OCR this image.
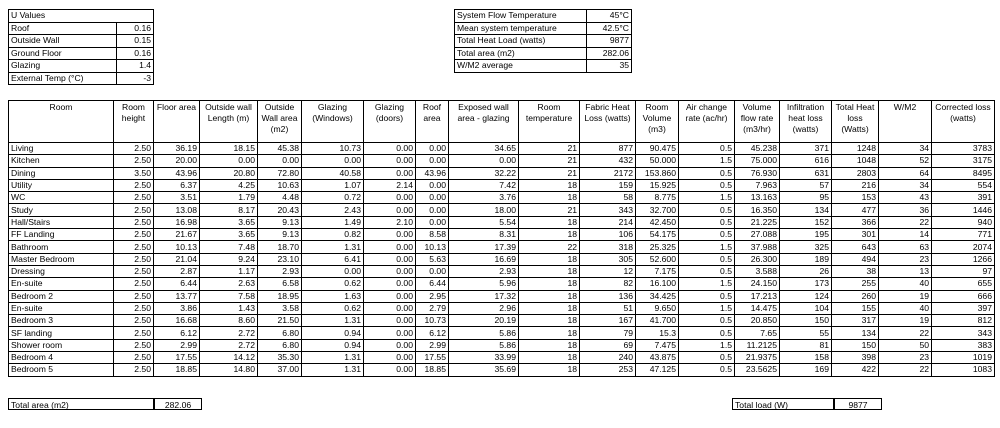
U Values	
Roof	0.16
Outside Wall	0.15
Ground Floor	0.16
Glazing	1.4
External Temp (°C)	-3
System Flow Temperature	45°C
Mean system temperature	42.5°C
Total Heat Load (watts)	9877
Total area (m2)	282.06
W/M2 average	35
Room	Room height	Floor area	Outside wall Length (m)	Outside Wall area (m2)	Glazing (Windows)	Glazing (doors)	Roof area	Exposed wall area - glazing	Room temperature	Fabric Heat Loss (watts)	Room Volume (m3)	Air change rate (ac/hr)	Volume flow rate (m3/hr)	Infiltration heat loss (watts)	Total Heat loss (Watts)	W/M2	Corrected loss (watts)
Living	2.50	36.19	18.15	45.38	10.73	0.00	0.00	34.65	21	877	90.475	0.5	45.238	371	1248	34	3783
Kitchen	2.50	20.00	0.00	0.00	0.00	0.00	0.00	0.00	21	432	50.000	1.5	75.000	616	1048	52	3175
Dining	3.50	43.96	20.80	72.80	40.58	0.00	43.96	32.22	21	2172	153.860	0.5	76.930	631	2803	64	8495
Utility	2.50	6.37	4.25	10.63	1.07	2.14	0.00	7.42	18	159	15.925	0.5	7.963	57	216	34	554
WC	2.50	3.51	1.79	4.48	0.72	0.00	0.00	3.76	18	58	8.775	1.5	13.163	95	153	43	391
Study	2.50	13.08	8.17	20.43	2.43	0.00	0.00	18.00	21	343	32.700	0.5	16.350	134	477	36	1446
Hall/Stairs	2.50	16.98	3.65	9.13	1.49	2.10	0.00	5.54	18	214	42.450	0.5	21.225	152	366	22	940
FF Landing	2.50	21.67	3.65	9.13	0.82	0.00	8.58	8.31	18	106	54.175	0.5	27.088	195	301	14	771
Bathroom	2.50	10.13	7.48	18.70	1.31	0.00	10.13	17.39	22	318	25.325	1.5	37.988	325	643	63	2074
Master Bedroom	2.50	21.04	9.24	23.10	6.41	0.00	5.63	16.69	18	305	52.600	0.5	26.300	189	494	23	1266
Dressing	2.50	2.87	1.17	2.93	0.00	0.00	0.00	2.93	18	12	7.175	0.5	3.588	26	38	13	97
En-suite	2.50	6.44	2.63	6.58	0.62	0.00	6.44	5.96	18	82	16.100	1.5	24.150	173	255	40	655
Bedroom 2	2.50	13.77	7.58	18.95	1.63	0.00	2.95	17.32	18	136	34.425	0.5	17.213	124	260	19	666
En-suite	2.50	3.86	1.43	3.58	0.62	0.00	2.79	2.96	18	51	9.650	1.5	14.475	104	155	40	397
Bedroom 3	2.50	16.68	8.60	21.50	1.31	0.00	10.73	20.19	18	167	41.700	0.5	20.850	150	317	19	812
SF landing	2.50	6.12	2.72	6.80	0.94	0.00	6.12	5.86	18	79	15.3	0.5	7.65	55	134	22	343
Shower room	2.50	2.99	2.72	6.80	0.94	0.00	2.99	5.86	18	69	7.475	1.5	11.2125	81	150	50	383
Bedroom 4	2.50	17.55	14.12	35.30	1.31	0.00	17.55	33.99	18	240	43.875	0.5	21.9375	158	398	23	1019
Bedroom 5	2.50	18.85	14.80	37.00	1.31	0.00	18.85	35.69	18	253	47.125	0.5	23.5625	169	422	22	1083
Total area (m2)	282.06	Total load (W)	9877
